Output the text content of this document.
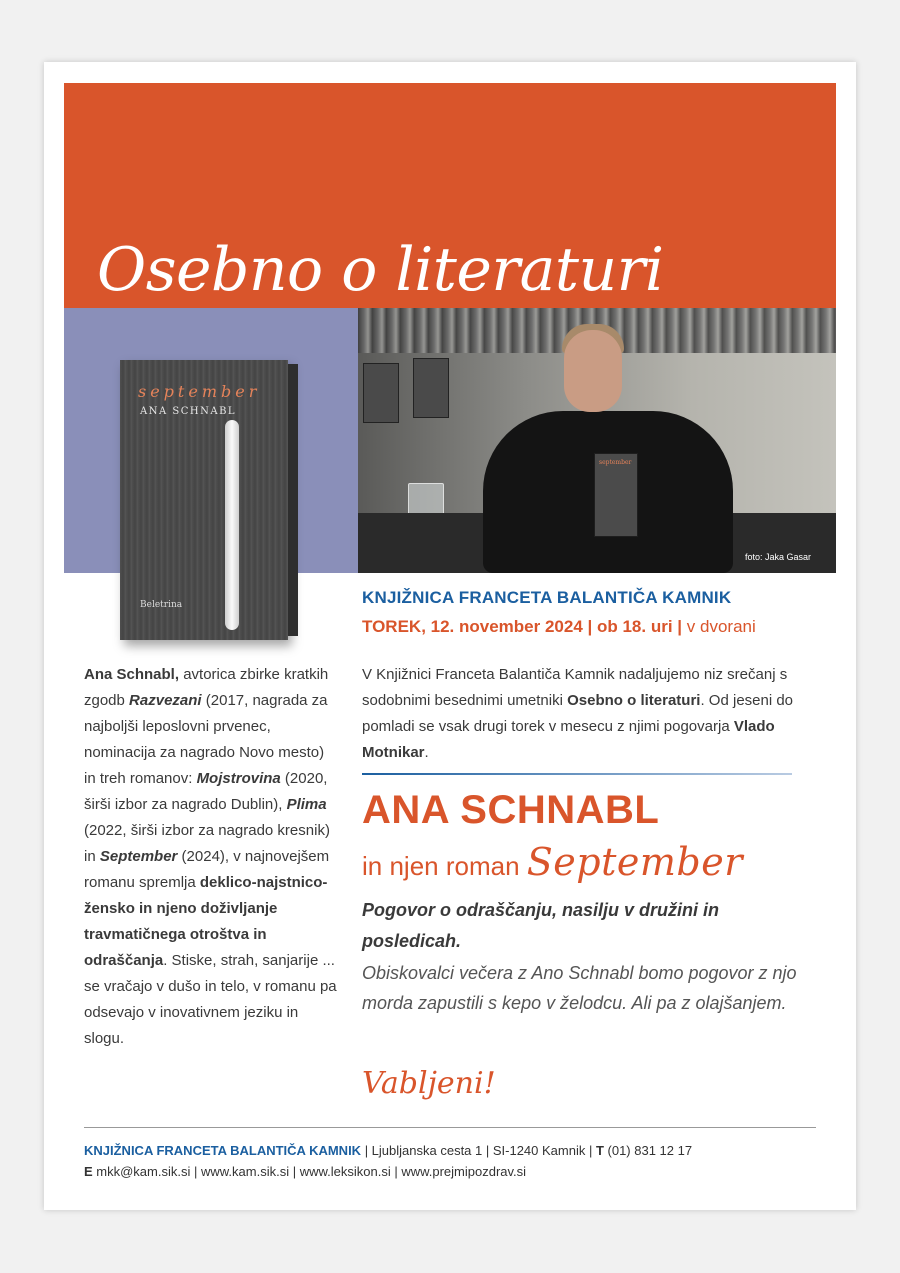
september
foto: Jaka Gasar
Osebno o literaturi
september
ANA SCHNABL
Beletrina	KNJIŽNICA FRANCETA BALANTIČA KAMNIK
TOREK, 12. november 2024 | ob 18. uri | v dvorani
V Knjižnici Franceta Balantiča Kamnik nadaljujemo niz srečanj s sodobnimi besednimi umetniki Osebno o literaturi. Od jeseni do pomladi se vsak drugi torek v mesecu z njimi pogovarja Vlado Motnikar.
ANA SCHNABL
in njen roman September
Pogovor o odraščanju, nasilju v družini in posledicah.
Obiskovalci večera z Ano Schnabl bomo pogovor z njo morda zapustili s kepo v želodcu. Ali pa z olajšanjem.
Vabljeni!
Ana Schnabl, avtorica zbirke kratkih zgodb Razvezani (2017, nagrada za najboljši leposlovni prvenec, nominacija za nagrado Novo mesto) in treh romanov: Mojstrovina (2020, širši izbor za nagrado Dublin), Plima (2022, širši izbor za nagrado kresnik) in September (2024), v najnovejšem romanu spremlja deklico-najstnico-žensko in njeno doživljanje travmatičnega otroštva in odraščanja. Stiske, strah, sanjarije ... se vračajo v dušo in telo, v romanu pa odsevajo v inovativnem jeziku in slogu.
KNJIŽNICA FRANCETA BALANTIČA KAMNIK | Ljubljanska cesta 1 | SI-1240 Kamnik | T (01) 831 12 17
E mkk@kam.sik.si | www.kam.sik.si | www.leksikon.si | www.prejmipozdrav.si
